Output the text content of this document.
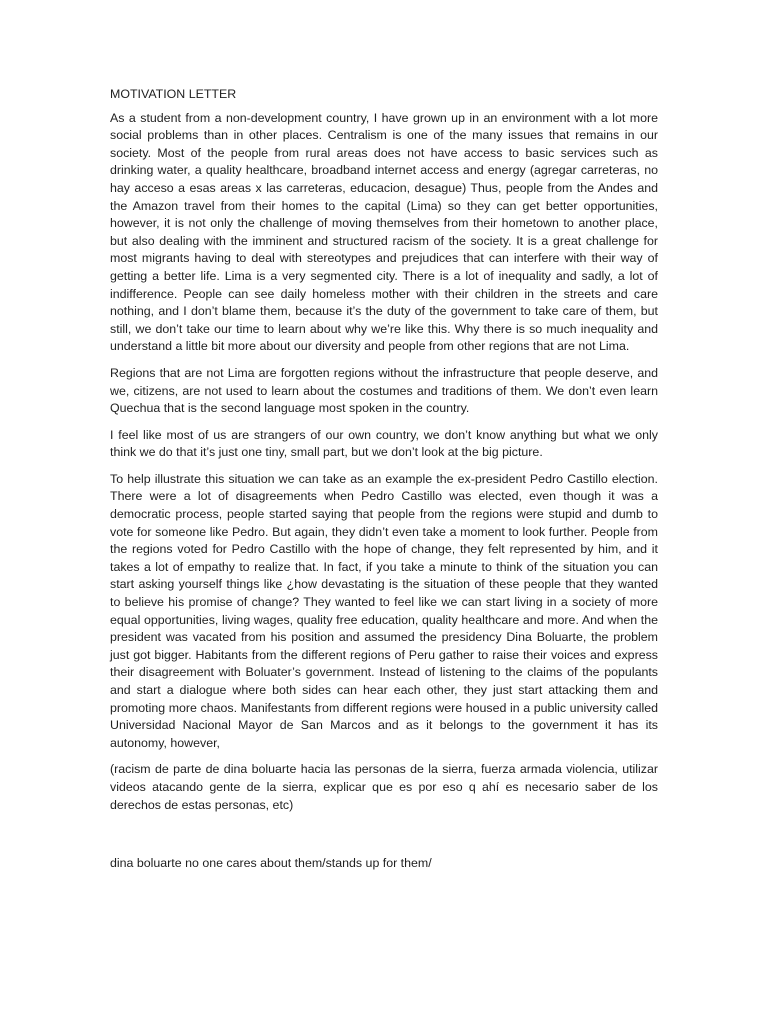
MOTIVATION LETTER

As a student from a non-development country, I have grown up in an environment with a lot more social problems than in other places. Centralism is one of the many issues that remains in our society. Most of the people from rural areas does not have access to basic services such as drinking water, a quality healthcare, broadband internet access and energy (agregar carreteras, no hay acceso a esas areas x las carreteras, educacion, desague) Thus, people from the Andes and the Amazon travel from their homes to the capital (Lima) so they can get better opportunities, however, it is not only the challenge of moving themselves from their hometown to another place, but also dealing with the imminent and structured racism of the society. It is a great challenge for most migrants having to deal with stereotypes and prejudices that can interfere with their way of getting a better life. Lima is a very segmented city. There is a lot of inequality and sadly, a lot of indifference. People can see daily homeless mother with their children in the streets and care nothing, and I don’t blame them, because it’s the duty of the government to take care of them, but still, we don’t take our time to learn about why we’re like this. Why there is so much inequality and understand a little bit more about our diversity and people from other regions that are not Lima.

Regions that are not Lima are forgotten regions without the infrastructure that people deserve, and we, citizens, are not used to learn about the costumes and traditions of them. We don’t even learn Quechua that is the second language most spoken in the country.

I feel like most of us are strangers of our own country, we don’t know anything but what we only think we do that it’s just one tiny, small part, but we don’t look at the big picture.

To help illustrate this situation we can take as an example the ex-president Pedro Castillo election. There were a lot of disagreements when Pedro Castillo was elected, even though it was a democratic process, people started saying that people from the regions were stupid and dumb to vote for someone like Pedro. But again, they didn’t even take a moment to look further. People from the regions voted for Pedro Castillo with the hope of change, they felt represented by him, and it takes a lot of empathy to realize that. In fact, if you take a minute to think of the situation you can start asking yourself things like ¿how devastating is the situation of these people that they wanted to believe his promise of change? They wanted to feel like we can start living in a society of more equal opportunities, living wages, quality free education, quality healthcare and more. And when the president was vacated from his position and assumed the presidency Dina Boluarte, the problem just got bigger. Habitants from the different regions of Peru gather to raise their voices and express their disagreement with Boluater’s government. Instead of listening to the claims of the populants and start a dialogue where both sides can hear each other, they just start attacking them and promoting more chaos. Manifestants from different regions were housed in a public university called Universidad Nacional Mayor de San Marcos and as it belongs to the government it has its autonomy, however,

(racism de parte de dina boluarte hacia las personas de la sierra, fuerza armada violencia, utilizar videos atacando gente de la sierra, explicar que es por eso q ahí es necesario saber de los derechos de estas personas, etc)

dina boluarte no one cares about them/stands up for them/
